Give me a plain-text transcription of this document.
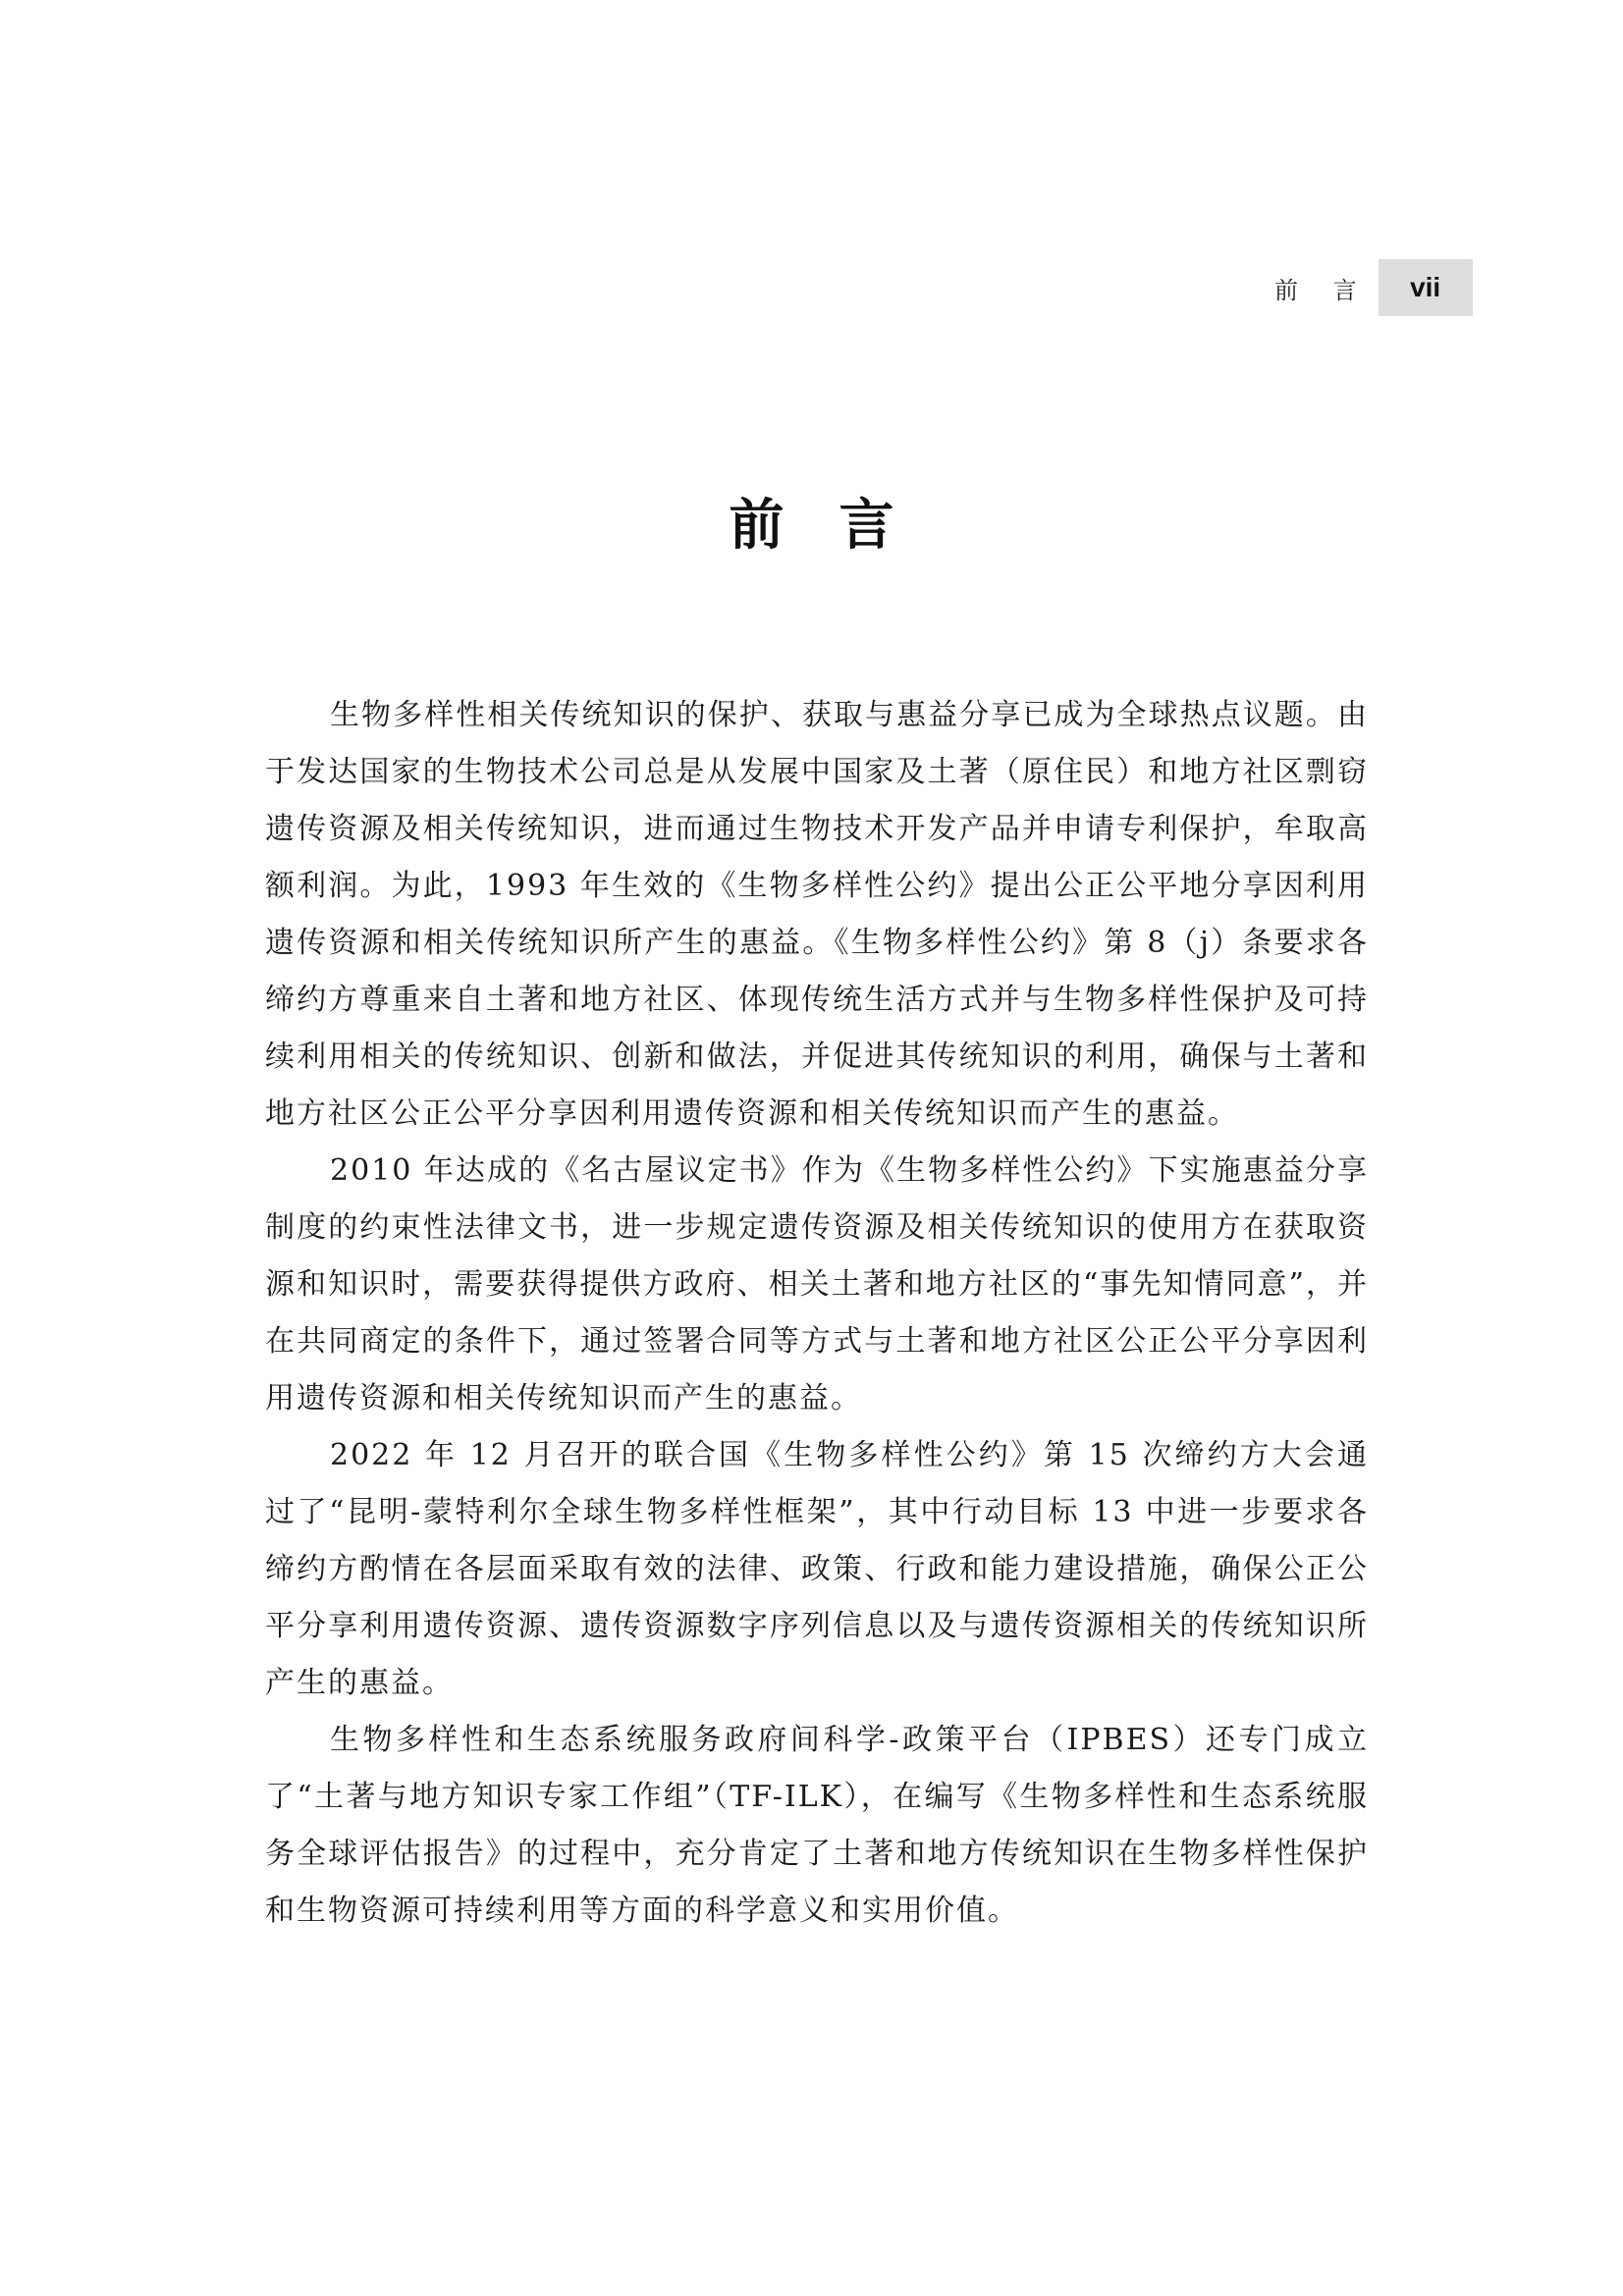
前 言	vii
前言

生物多样性相关传统知识的保护、获取与惠益分享已成为全球热点议题。由于发达国家的生物技术公司总是从发展中国家及土著（原住民）和地方社区剽窃遗传资源及相关传统知识，进而通过生物技术开发产品并申请专利保护，牟取高额利润。为此，1993 年生效的《生物多样性公约》提出公正公平地分享因利用遗传资源和相关传统知识所产生的惠益。《生物多样性公约》第 8（j）条要求各缔约方尊重来自土著和地方社区、体现传统生活方式并与生物多样性保护及可持续利用相关的传统知识、创新和做法，并促进其传统知识的利用，确保与土著和地方社区公正公平分享因利用遗传资源和相关传统知识而产生的惠益。

2010 年达成的《名古屋议定书》作为《生物多样性公约》下实施惠益分享制度的约束性法律文书，进一步规定遗传资源及相关传统知识的使用方在获取资源和知识时，需要获得提供方政府、相关土著和地方社区的“事先知情同意”，并在共同商定的条件下，通过签署合同等方式与土著和地方社区公正公平分享因利用遗传资源和相关传统知识而产生的惠益。

2022 年 12 月召开的联合国《生物多样性公约》第 15 次缔约方大会通过了“昆明-蒙特利尔全球生物多样性框架”，其中行动目标 13 中进一步要求各缔约方酌情在各层面采取有效的法律、政策、行政和能力建设措施，确保公正公平分享利用遗传资源、遗传资源数字序列信息以及与遗传资源相关的传统知识所产生的惠益。

生物多样性和生态系统服务政府间科学-政策平台（IPBES）还专门成立了“土著与地方知识专家工作组”（TF-ILK），在编写《生物多样性和生态系统服务全球评估报告》的过程中，充分肯定了土著和地方传统知识在生物多样性保护和生物资源可持续利用等方面的科学意义和实用价值。
